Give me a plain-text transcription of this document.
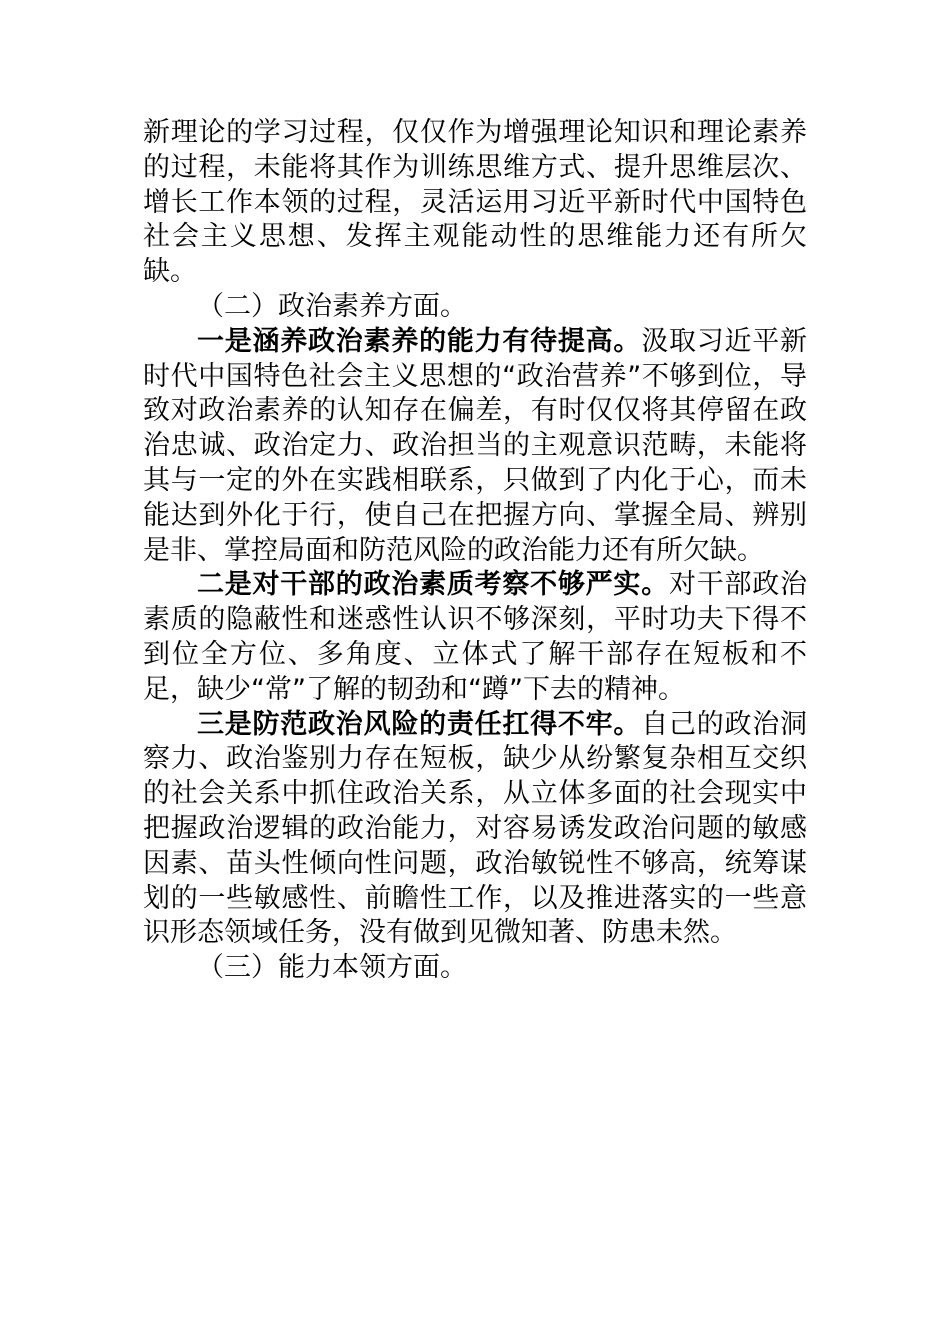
新理论的学习过程，仅仅作为增强理论知识和理论素养的过程，未能将其作为训练思维方式、提升思维层次、增长工作本领的过程，灵活运用习近平新时代中国特色社会主义思想、发挥主观能动性的思维能力还有所欠缺。

（二）政治素养方面。

一是涵养政治素养的能力有待提高。汲取习近平新时代中国特色社会主义思想的“政治营养”不够到位，导致对政治素养的认知存在偏差，有时仅仅将其停留在政治忠诚、政治定力、政治担当的主观意识范畴，未能将其与一定的外在实践相联系，只做到了内化于心，而未能达到外化于行，使自己在把握方向、掌握全局、辨别是非、掌控局面和防范风险的政治能力还有所欠缺。

二是对干部的政治素质考察不够严实。对干部政治素质的隐蔽性和迷惑性认识不够深刻，平时功夫下得不到位全方位、多角度、立体式了解干部存在短板和不足，缺少“常”了解的韧劲和“蹲”下去的精神。

三是防范政治风险的责任扛得不牢。自己的政治洞察力、政治鉴别力存在短板，缺少从纷繁复杂相互交织的社会关系中抓住政治关系，从立体多面的社会现实中把握政治逻辑的政治能力，对容易诱发政治问题的敏感因素、苗头性倾向性问题，政治敏锐性不够高，统筹谋划的一些敏感性、前瞻性工作，以及推进落实的一些意识形态领域任务，没有做到见微知著、防患未然。

（三）能力本领方面。
